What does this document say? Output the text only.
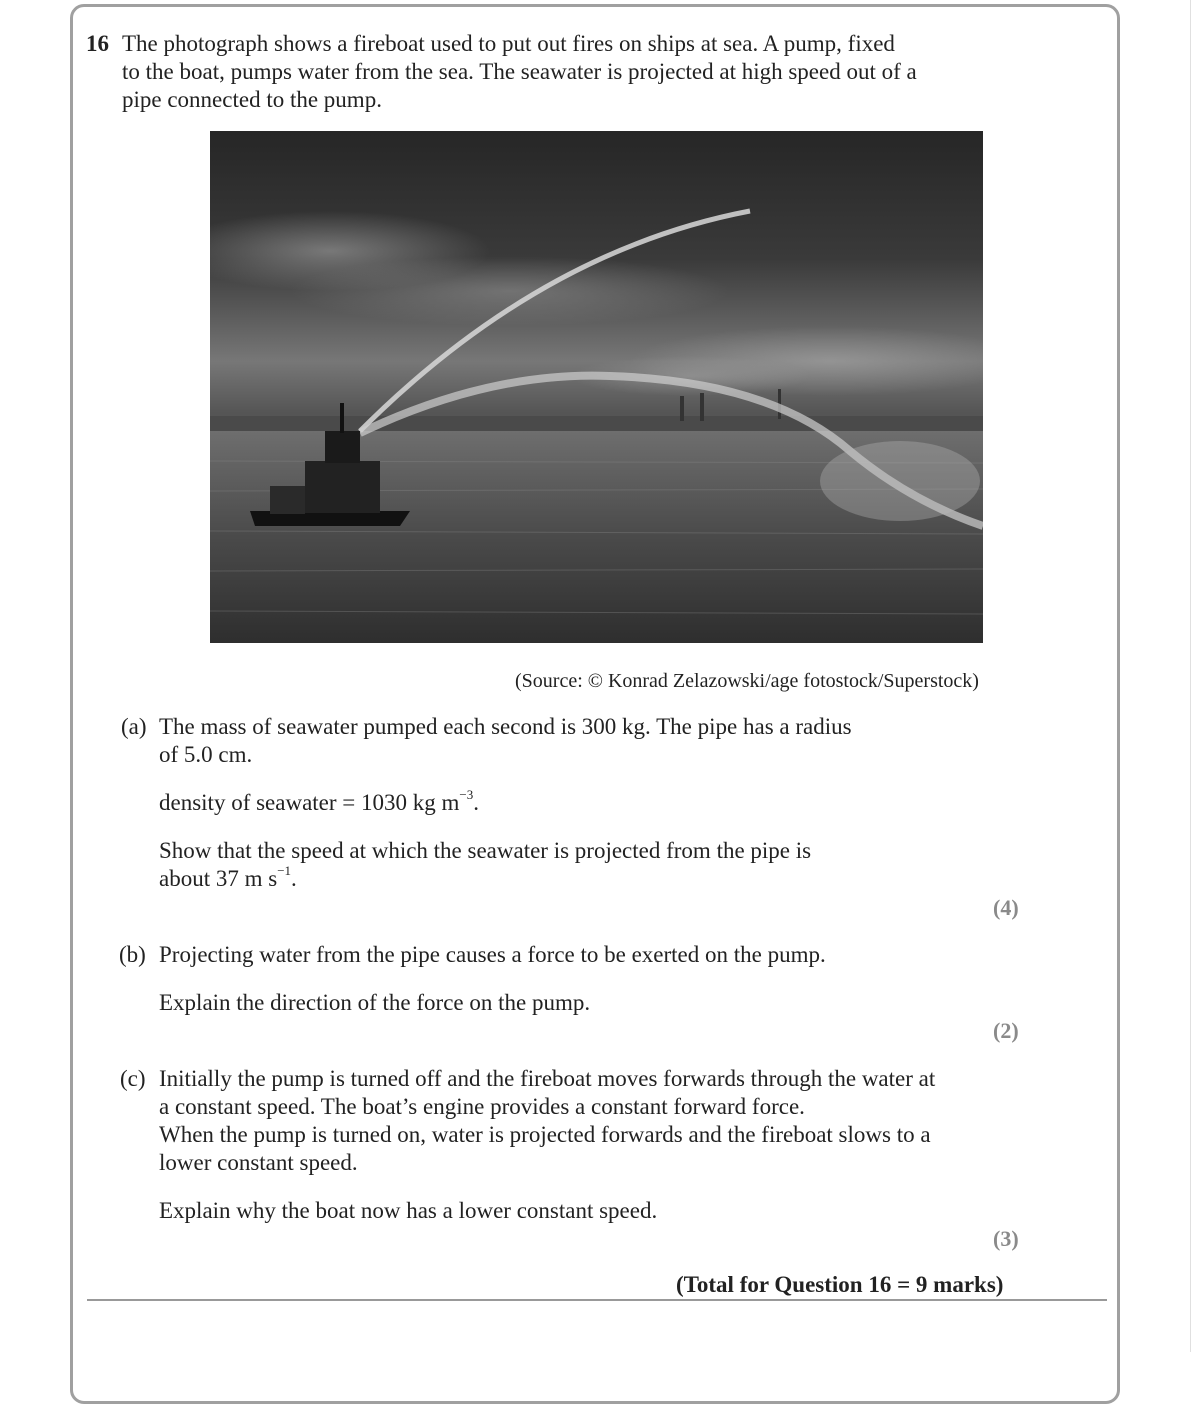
16 The photograph shows a fireboat used to put out fires on ships at sea. A pump, fixed
to the boat, pumps water from the sea. The seawater is projected at high speed out of a
pipe connected to the pump.
(Source: © Konrad Zelazowski/age fotostock/Superstock)
(a) The mass of seawater pumped each second is 300 kg. The pipe has a radius
of 5.0 cm.
density of seawater = 1030 kg $m^{-3}$.
Show that the speed at which the seawater is projected from the pipe is
about 37 m $s^{-1}$.
(4)
(b) Projecting water from the pipe causes a force to be exerted on the pump.
Explain the direction of the force on the pump.
(2)
(c) Initially the pump is turned off and the fireboat moves forwards through the water at
a constant speed. The boat’s engine provides a constant forward force.
When the pump is turned on, water is projected forwards and the fireboat slows to a
lower constant speed.
Explain why the boat now has a lower constant speed.
(3)
(Total for Question 16 = 9 marks)
